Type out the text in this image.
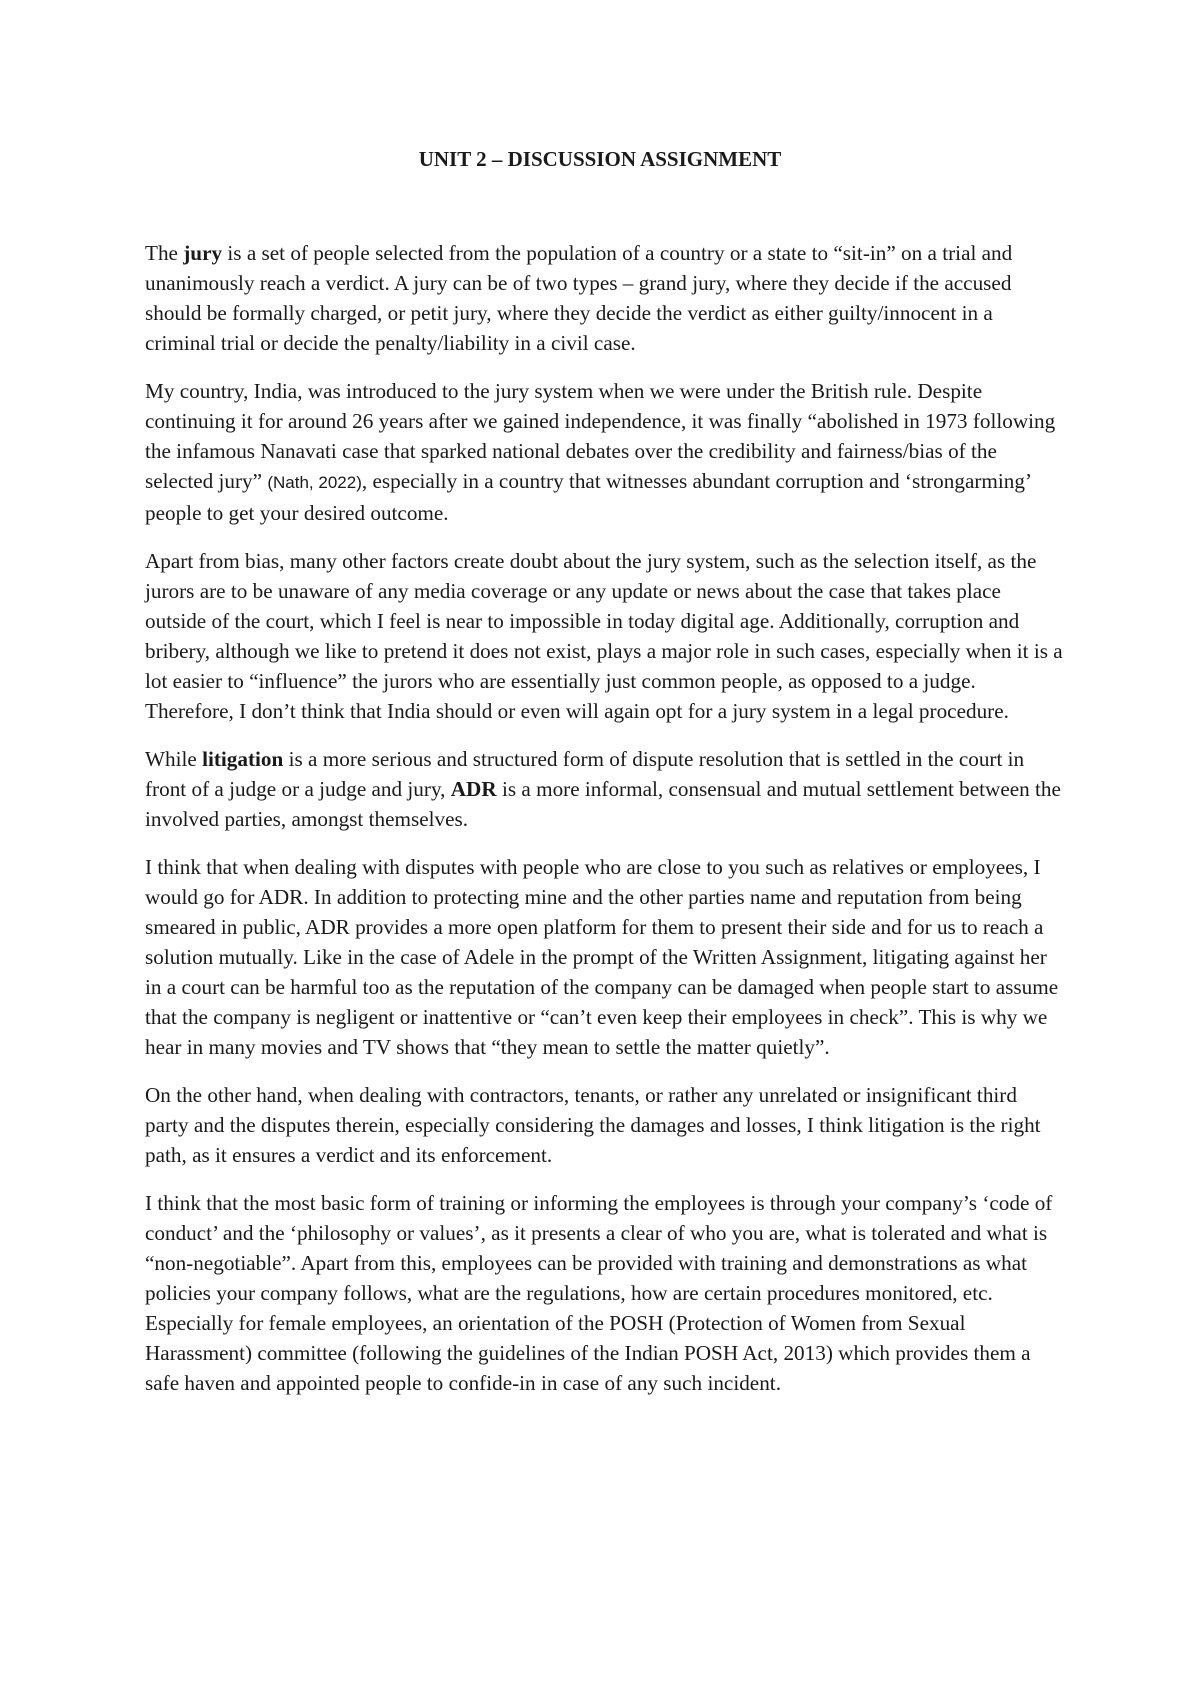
UNIT 2 – DISCUSSION ASSIGNMENT

The jury is a set of people selected from the population of a country or a state to “sit-in” on a trial and unanimously reach a verdict. A jury can be of two types – grand jury, where they decide if the accused should be formally charged, or petit jury, where they decide the verdict as either guilty/innocent in a criminal trial or decide the penalty/liability in a civil case.

My country, India, was introduced to the jury system when we were under the British rule. Despite continuing it for around 26 years after we gained independence, it was finally “abolished in 1973 following the infamous Nanavati case that sparked national debates over the credibility and fairness/bias of the selected jury” (Nath, 2022), especially in a country that witnesses abundant corruption and ‘strongarming’ people to get your desired outcome.

Apart from bias, many other factors create doubt about the jury system, such as the selection itself, as the jurors are to be unaware of any media coverage or any update or news about the case that takes place outside of the court, which I feel is near to impossible in today digital age. Additionally, corruption and bribery, although we like to pretend it does not exist, plays a major role in such cases, especially when it is a lot easier to “influence” the jurors who are essentially just common people, as opposed to a judge. Therefore, I don’t think that India should or even will again opt for a jury system in a legal procedure.

While litigation is a more serious and structured form of dispute resolution that is settled in the court in front of a judge or a judge and jury, ADR is a more informal, consensual and mutual settlement between the involved parties, amongst themselves.

I think that when dealing with disputes with people who are close to you such as relatives or employees, I would go for ADR. In addition to protecting mine and the other parties name and reputation from being smeared in public, ADR provides a more open platform for them to present their side and for us to reach a solution mutually. Like in the case of Adele in the prompt of the Written Assignment, litigating against her in a court can be harmful too as the reputation of the company can be damaged when people start to assume that the company is negligent or inattentive or “can’t even keep their employees in check”. This is why we hear in many movies and TV shows that “they mean to settle the matter quietly”.

On the other hand, when dealing with contractors, tenants, or rather any unrelated or insignificant third party and the disputes therein, especially considering the damages and losses, I think litigation is the right path, as it ensures a verdict and its enforcement.

I think that the most basic form of training or informing the employees is through your company’s ‘code of conduct’ and the ‘philosophy or values’, as it presents a clear of who you are, what is tolerated and what is “non-negotiable”. Apart from this, employees can be provided with training and demonstrations as what policies your company follows, what are the regulations, how are certain procedures monitored, etc. Especially for female employees, an orientation of the POSH (Protection of Women from Sexual Harassment) committee (following the guidelines of the Indian POSH Act, 2013) which provides them a safe haven and appointed people to confide-in in case of any such incident.
